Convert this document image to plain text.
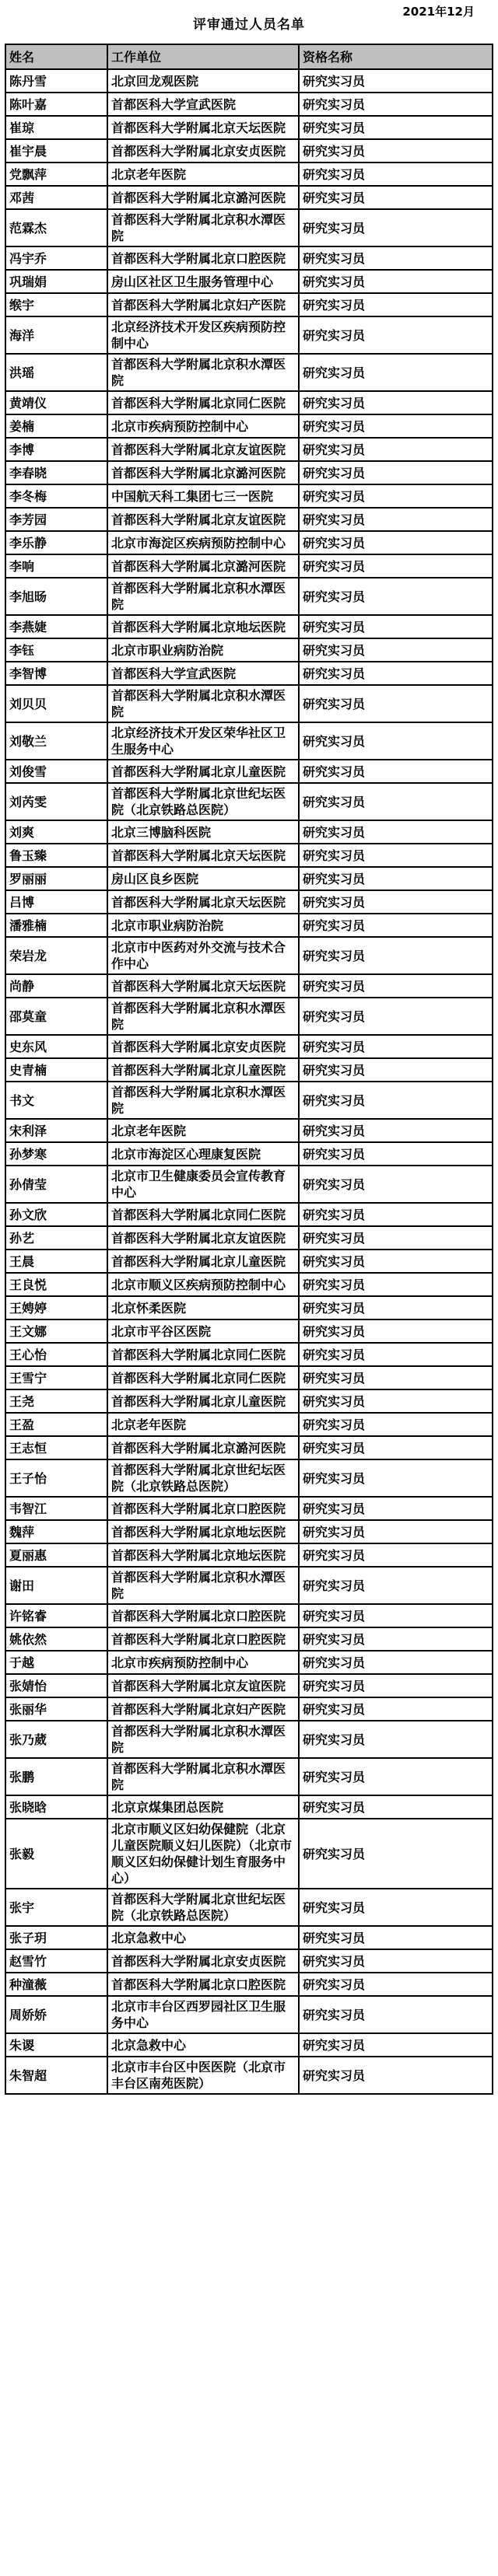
2021年12月
评审通过人员名单
姓名	工作单位	资格名称
陈丹雪	北京回龙观医院	研究实习员
陈叶嘉	首都医科大学宣武医院	研究实习员
崔琼	首都医科大学附属北京天坛医院	研究实习员
崔宇晨	首都医科大学附属北京安贞医院	研究实习员
党飘萍	北京老年医院	研究实习员
邓茜	首都医科大学附属北京潞河医院	研究实习员
范霖杰	首都医科大学附属北京积水潭医院	研究实习员
冯宇乔	首都医科大学附属北京口腔医院	研究实习员
巩瑞娟	房山区社区卫生服务管理中心	研究实习员
缑宇	首都医科大学附属北京妇产医院	研究实习员
海洋	北京经济技术开发区疾病预防控制中心	研究实习员
洪瑶	首都医科大学附属北京积水潭医院	研究实习员
黄靖仪	首都医科大学附属北京同仁医院	研究实习员
姜楠	北京市疾病预防控制中心	研究实习员
李博	首都医科大学附属北京友谊医院	研究实习员
李春晓	首都医科大学附属北京潞河医院	研究实习员
李冬梅	中国航天科工集团七三一医院	研究实习员
李芳园	首都医科大学附属北京友谊医院	研究实习员
李乐静	北京市海淀区疾病预防控制中心	研究实习员
李响	首都医科大学附属北京潞河医院	研究实习员
李旭旸	首都医科大学附属北京积水潭医院	研究实习员
李燕婕	首都医科大学附属北京地坛医院	研究实习员
李钰	北京市职业病防治院	研究实习员
李智博	首都医科大学宣武医院	研究实习员
刘贝贝	首都医科大学附属北京积水潭医院	研究实习员
刘敬兰	北京经济技术开发区荣华社区卫生服务中心	研究实习员
刘俊雪	首都医科大学附属北京儿童医院	研究实习员
刘芮雯	首都医科大学附属北京世纪坛医院（北京铁路总医院）	研究实习员
刘爽	北京三博脑科医院	研究实习员
鲁玉臻	首都医科大学附属北京天坛医院	研究实习员
罗丽丽	房山区良乡医院	研究实习员
吕博	首都医科大学附属北京天坛医院	研究实习员
潘雅楠	北京市职业病防治院	研究实习员
荣岩龙	北京市中医药对外交流与技术合作中心	研究实习员
尚静	首都医科大学附属北京天坛医院	研究实习员
邵莫童	首都医科大学附属北京积水潭医院	研究实习员
史东风	首都医科大学附属北京安贞医院	研究实习员
史青楠	首都医科大学附属北京儿童医院	研究实习员
书文	首都医科大学附属北京积水潭医院	研究实习员
宋利泽	北京老年医院	研究实习员
孙梦寒	北京市海淀区心理康复医院	研究实习员
孙倩莹	北京市卫生健康委员会宣传教育中心	研究实习员
孙文欣	首都医科大学附属北京同仁医院	研究实习员
孙艺	首都医科大学附属北京友谊医院	研究实习员
王晨	首都医科大学附属北京儿童医院	研究实习员
王良悦	北京市顺义区疾病预防控制中心	研究实习员
王娉婷	北京怀柔医院	研究实习员
王文娜	北京市平谷区医院	研究实习员
王心怡	首都医科大学附属北京同仁医院	研究实习员
王雪宁	首都医科大学附属北京同仁医院	研究实习员
王尧	首都医科大学附属北京儿童医院	研究实习员
王盈	北京老年医院	研究实习员
王志恒	首都医科大学附属北京潞河医院	研究实习员
王子怡	首都医科大学附属北京世纪坛医院（北京铁路总医院）	研究实习员
韦智江	首都医科大学附属北京口腔医院	研究实习员
魏萍	首都医科大学附属北京地坛医院	研究实习员
夏丽惠	首都医科大学附属北京地坛医院	研究实习员
谢田	首都医科大学附属北京积水潭医院	研究实习员
许铭睿	首都医科大学附属北京口腔医院	研究实习员
姚依然	首都医科大学附属北京口腔医院	研究实习员
于越	北京市疾病预防控制中心	研究实习员
张婧怡	首都医科大学附属北京友谊医院	研究实习员
张丽华	首都医科大学附属北京妇产医院	研究实习员
张乃葳	首都医科大学附属北京积水潭医院	研究实习员
张鹏	首都医科大学附属北京积水潭医院	研究实习员
张晓晗	北京京煤集团总医院	研究实习员
张毅	北京市顺义区妇幼保健院（北京儿童医院顺义妇儿医院）（北京市顺义区妇幼保健计划生育服务中心）	研究实习员
张宇	首都医科大学附属北京世纪坛医院（北京铁路总医院）	研究实习员
张子玥	北京急救中心	研究实习员
赵雪竹	首都医科大学附属北京安贞医院	研究实习员
种潼薇	首都医科大学附属北京口腔医院	研究实习员
周娇娇	北京市丰台区西罗园社区卫生服务中心	研究实习员
朱谡	北京急救中心	研究实习员
朱智超	北京市丰台区中医医院（北京市丰台区南苑医院）	研究实习员
